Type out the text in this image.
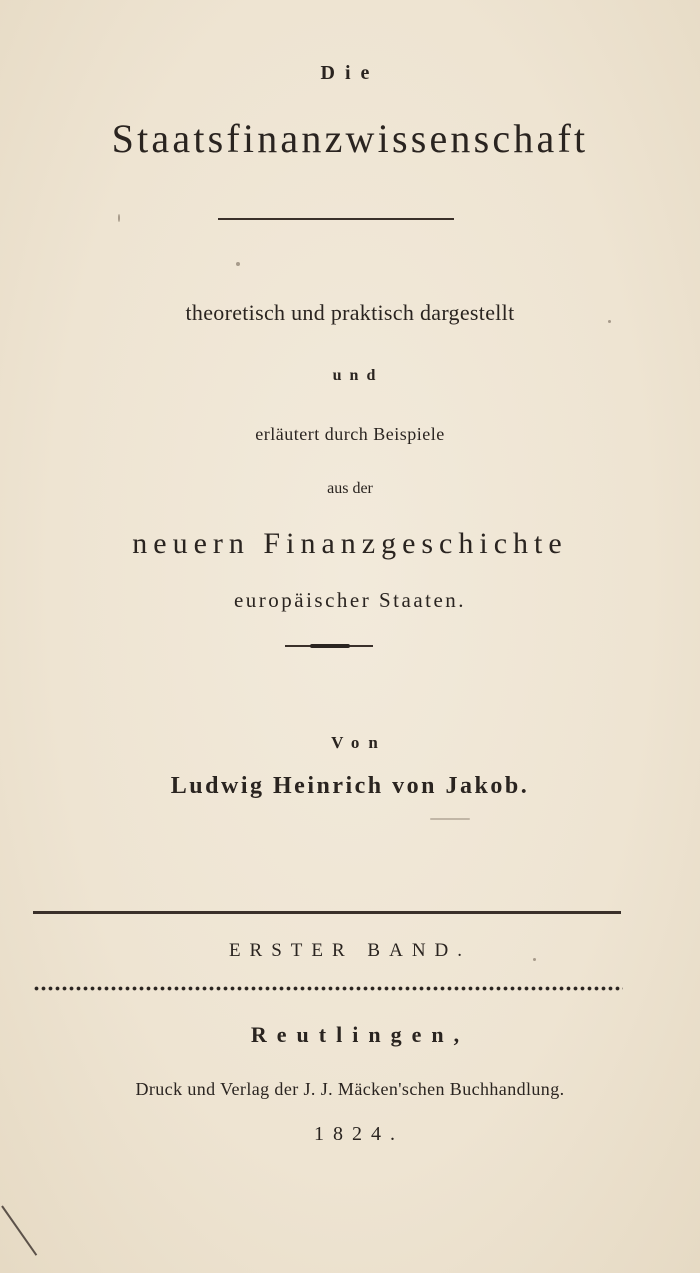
Die
Staatsfinanzwissenschaft
theoretisch und praktisch dargestellt
und
erläutert durch Beispiele
aus der
neuern Finanzgeschichte
europäischer Staaten.
Von
Ludwig Heinrich von Jakob.
ERSTER BAND.
Reutlingen,
Druck und Verlag der J. J. Mäcken'schen Buchhandlung.
1824.
